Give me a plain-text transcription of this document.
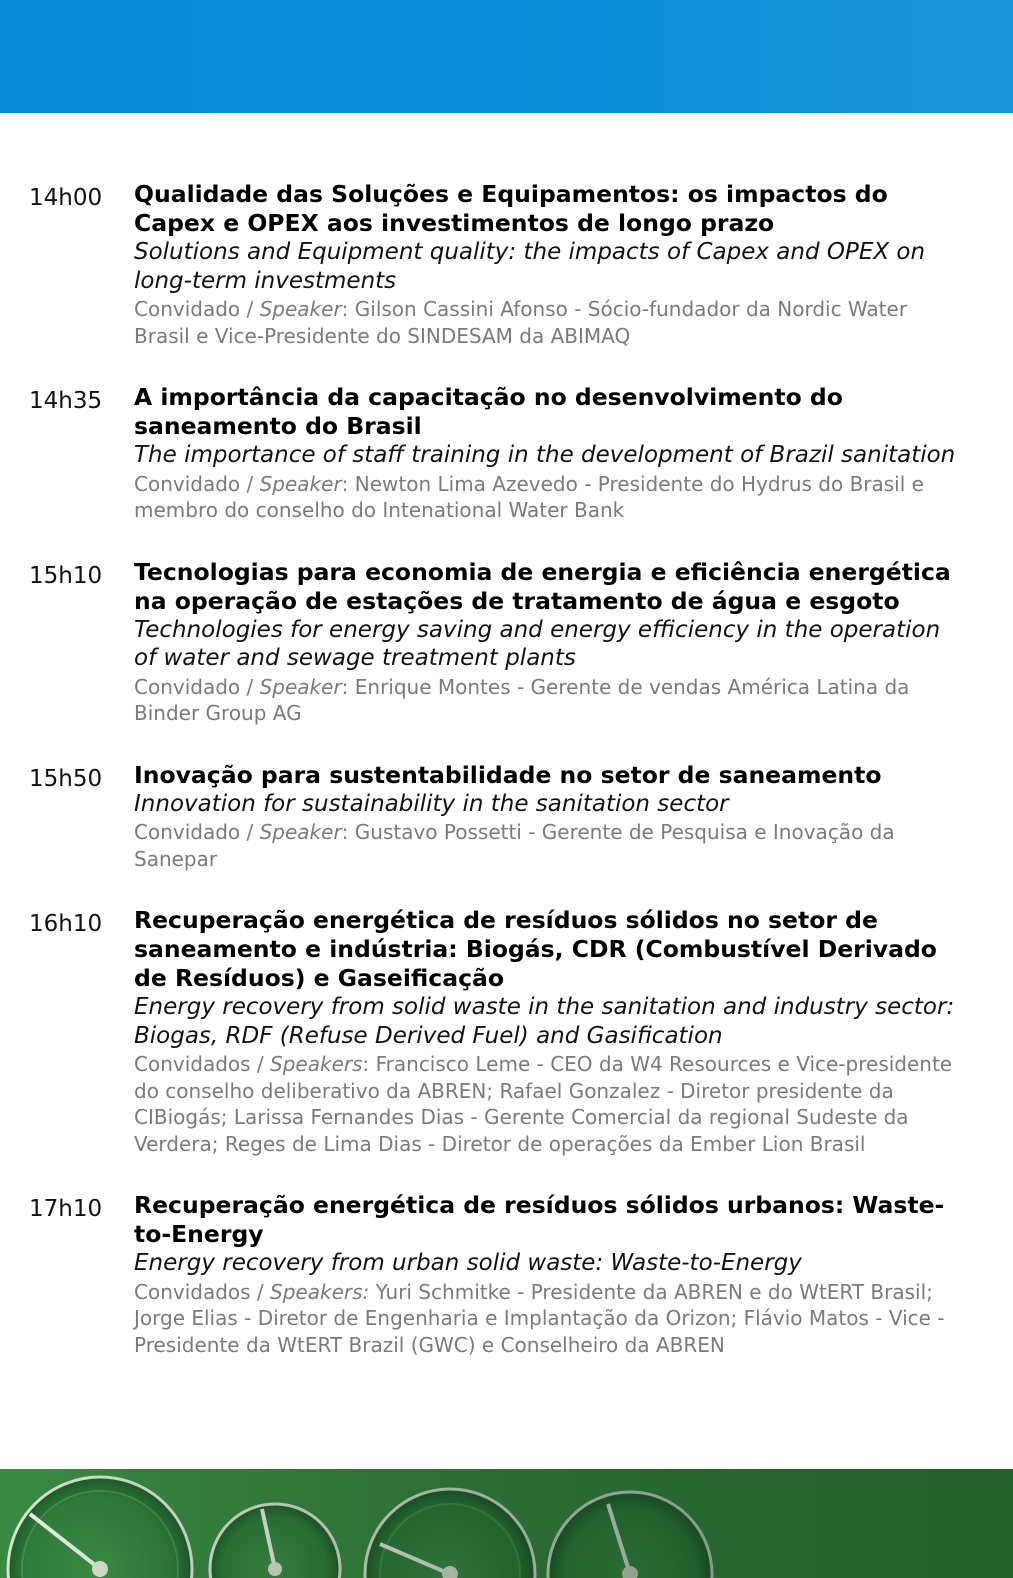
14h00 Qualidade das Soluções e Equipamentos: os impactos do Capex e OPEX aos investimentos de longo prazo
Solutions and Equipment quality: the impacts of Capex and OPEX on long-term investments
Convidado / Speaker: Gilson Cassini Afonso - Sócio-fundador da Nordic Water Brasil e Vice-Presidente do SINDESAM da ABIMAQ
14h35 A importância da capacitação no desenvolvimento do saneamento do Brasil
The importance of staff training in the development of Brazil sanitation
Convidado / Speaker: Newton Lima Azevedo - Presidente do Hydrus do Brasil e membro do conselho do Intenational Water Bank
15h10 Tecnologias para economia de energia e eficiência energética na operação de estações de tratamento de água e esgoto
Technologies for energy saving and energy efficiency in the operation of water and sewage treatment plants
Convidado / Speaker: Enrique Montes - Gerente de vendas América Latina da Binder Group AG
15h50 Inovação para sustentabilidade no setor de saneamento
Innovation for sustainability in the sanitation sector
Convidado / Speaker: Gustavo Possetti - Gerente de Pesquisa e Inovação da Sanepar
16h10 Recuperação energética de resíduos sólidos no setor de saneamento e indústria: Biogás, CDR (Combustível Derivado de Resíduos) e Gaseificação
Energy recovery from solid waste in the sanitation and industry sector: Biogas, RDF (Refuse Derived Fuel) and Gasification
Convidados / Speakers: Francisco Leme - CEO da W4 Resources e Vice-presidente do conselho deliberativo da ABREN; Rafael Gonzalez - Diretor presidente da CIBiogás; Larissa Fernandes Dias - Gerente Comercial da regional Sudeste da Verdera; Reges de Lima Dias - Diretor de operações da Ember Lion Brasil
17h10 Recuperação energética de resíduos sólidos urbanos: Waste-to-Energy
Energy recovery from urban solid waste: Waste-to-Energy
Convidados / Speakers: Yuri Schmitke - Presidente da ABREN e do WtERT Brasil; Jorge Elias - Diretor de Engenharia e Implantação da Orizon; Flávio Matos - Vice -Presidente da WtERT Brazil (GWC) e Conselheiro da ABREN
